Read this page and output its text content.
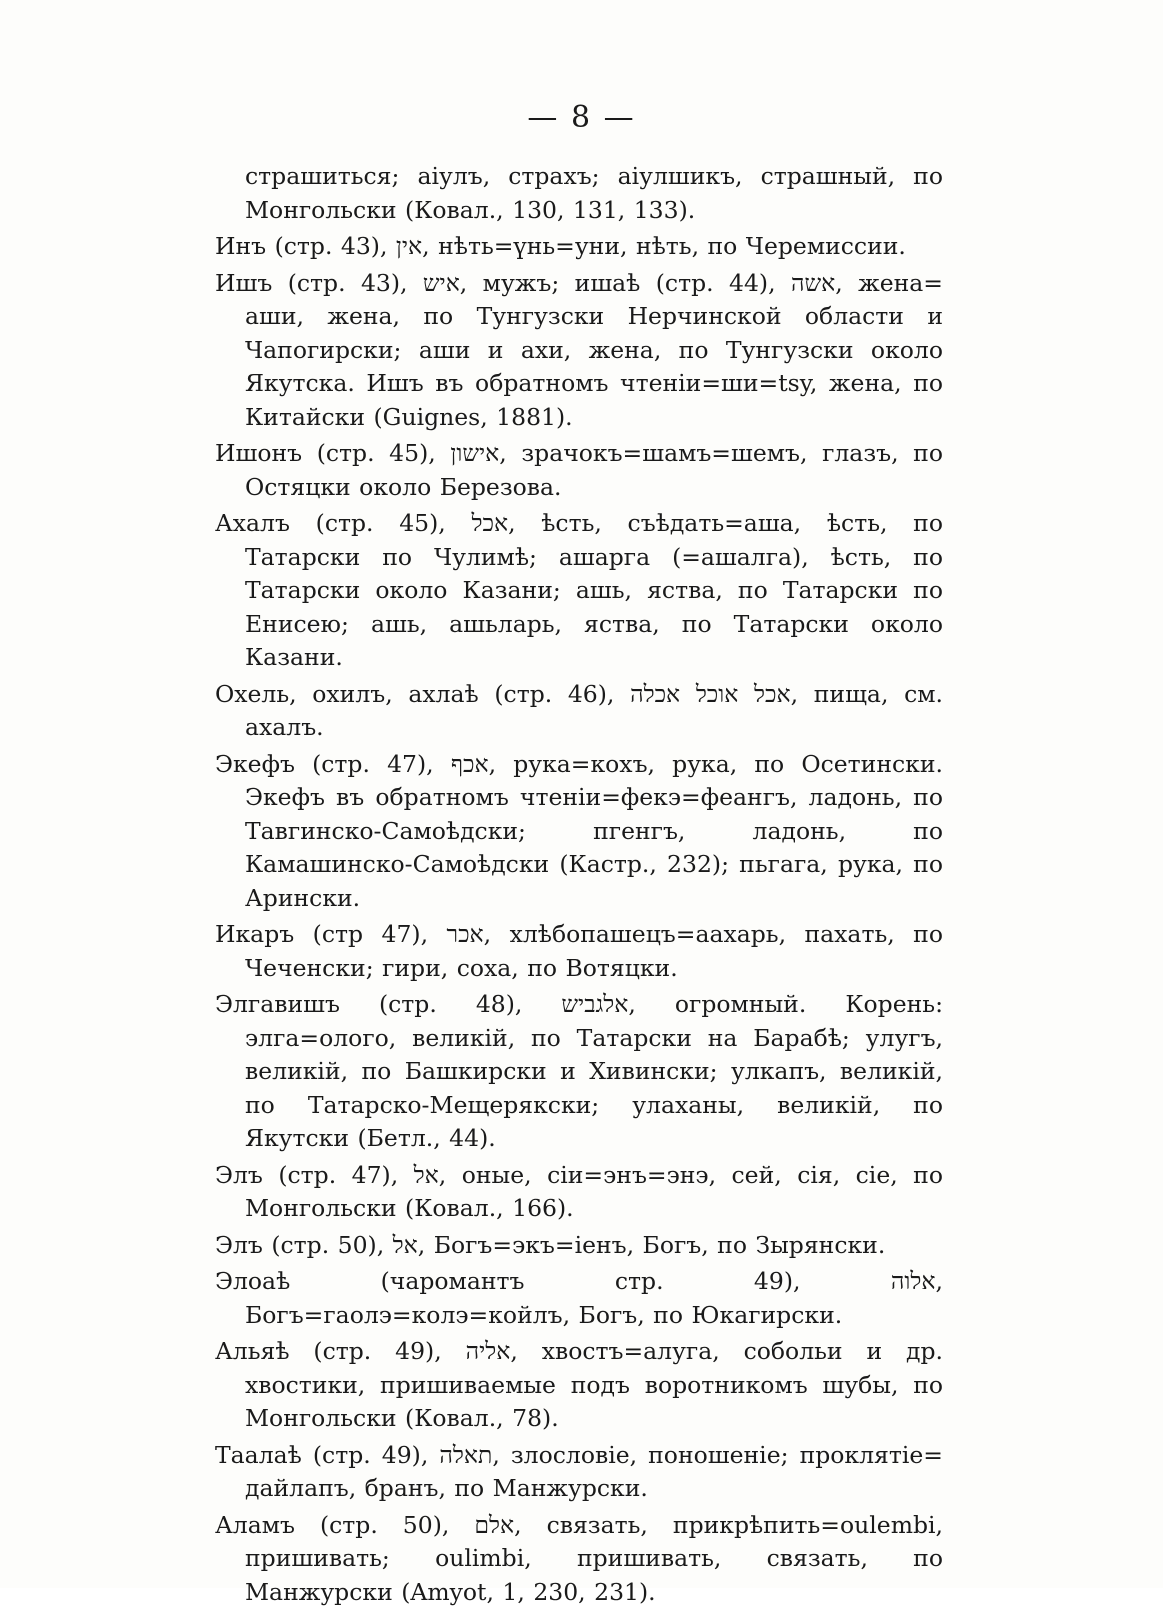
— 8 —

страшиться; аiулъ, страхъ; аiулшикъ, страшный, по Монгольски (Ковал., 130, 131, 133).

Инъ (стр. 43), אין, нѣть=үнь=уни, нѣть, по Черемиссии.

Ишъ (стр. 43), איש, мужъ; ишаѣ (стр. 44), אשה, жена= аши, жена, по Тунгузски Нерчинской области и Чапогирски; аши и ахи, жена, по Тунгузски около Якутска. Ишъ въ обратномъ чтенiи=ши=tsy, жена, по Китайски (Guignes, 1881).

Ишонъ (стр. 45), אישון, зрачокъ=шамъ=шемъ, глазъ, по Остяцки около Березова.

Ахалъ (стр. 45), אכל, ѣсть, съѣдать=аша, ѣсть, по Татарски по Чулимѣ; ашарга (=ашалга), ѣсть, по Татарски около Казани; ашь, яства, по Татарски по Енисею; ашь, ашьларь, яства, по Татарски около Казани.

Охель, охилъ, ахлаѣ (стр. 46), אכל אוכל אכלה, пища, см. ахалъ.

Экефъ (стр. 47), אכף, рука=кохъ, рука, по Осетински. Экефъ въ обратномъ чтенiи=фекэ=феангъ, ладонь, по Тавгинско-Самоѣдски; пгенгъ, ладонь, по Камашинско-Самоѣдски (Кастр., 232); пьгага, рука, по Арински.

Икаръ (стр 47), אכר, хлѣбопашецъ=аахарь, пахать, по Чеченски; гири, соха, по Вотяцки.

Элгавишъ (стр. 48), אלגביש, огромный. Корень: элга=олого, великiй, по Татарски на Барабѣ; улугъ, великiй, по Башкирски и Хивински; улкапъ, великiй, по Татарско-Мещерякски; улаханы, великiй, по Якутски (Бетл., 44).

Элъ (стр. 47), אל, оные, сiи=энъ=энэ, сей, сiя, сiе, по Монгольски (Ковал., 166).

Элъ (стр. 50), אל, Богъ=экъ=iенъ, Богъ, по Зырянски.

Элоаѣ (чаромантъ стр. 49), אלוה, Богъ=гаолэ=колэ=койлъ, Богъ, по Юкагирски.

Альяѣ (стр. 49), אליה, хвостъ=алуга, собольи и др. хвостики, пришиваемые подъ воротникомъ шубы, по Монгольски (Ковал., 78).

Таалаѣ (стр. 49), תאלה, злословiе, поношенiе; проклятiе= дайлапъ, бранъ, по Манжурски.

Аламъ (стр. 50), אלם, связать, прикрѣпить=oulembi, пришивать; oulimbi, пришивать, связать, по Манжурски (Amyot, 1, 230, 231).
